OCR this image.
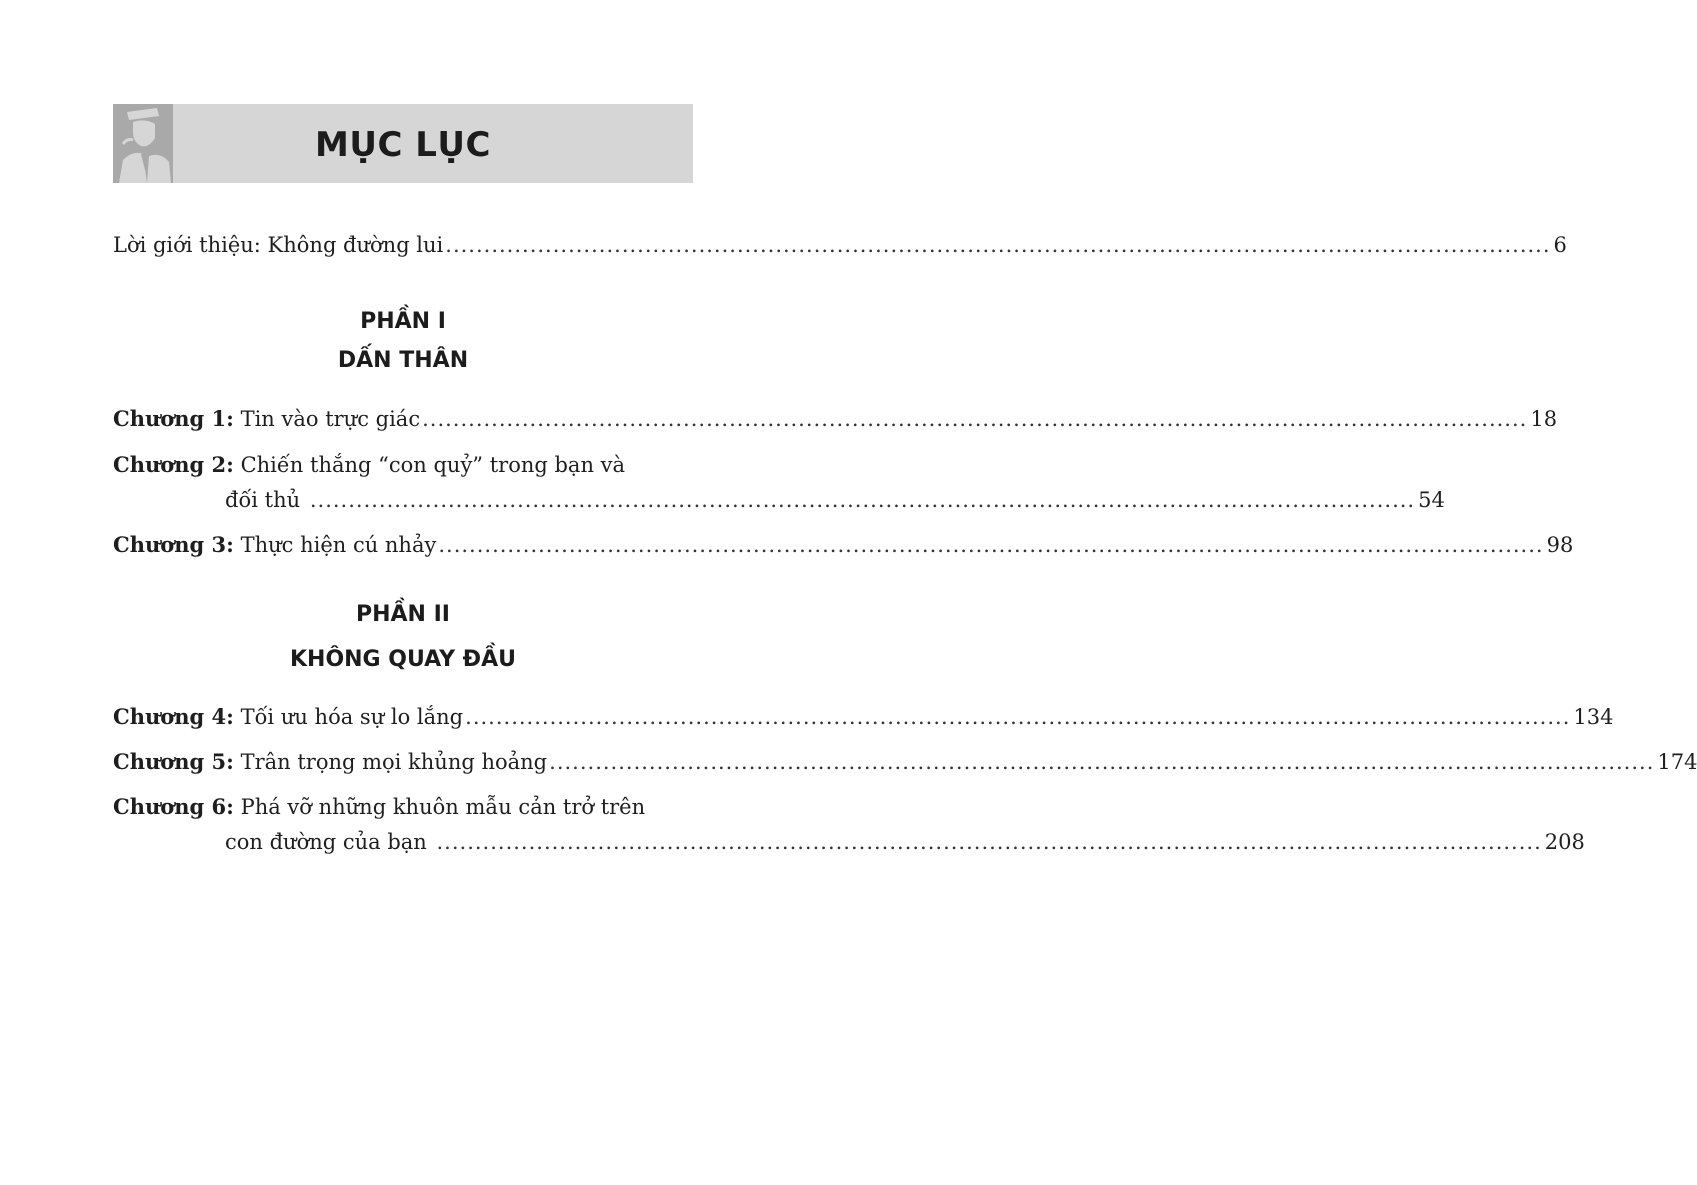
MỤC LỤC
Lời giới thiệu: Không đường lui ................................................................................................................................................ 6
PHẦN I
DẤN THÂN
Chương 1:
Tin vào trực giác ................................................................................................................................................ 18
Chương 2:
Chiến thắng “con quỷ” trong bạn và
đối thủ ................................................................................................................................................ 54
Chương 3:
Thực hiện cú nhảy ................................................................................................................................................ 98
PHẦN II
KHÔNG QUAY ĐẦU
Chương 4:
Tối ưu hóa sự lo lắng ................................................................................................................................................ 134
Chương 5:
Trân trọng mọi khủng hoảng ................................................................................................................................................ 174
Chương 6:
Phá vỡ những khuôn mẫu cản trở trên
con đường của bạn ................................................................................................................................................ 208
